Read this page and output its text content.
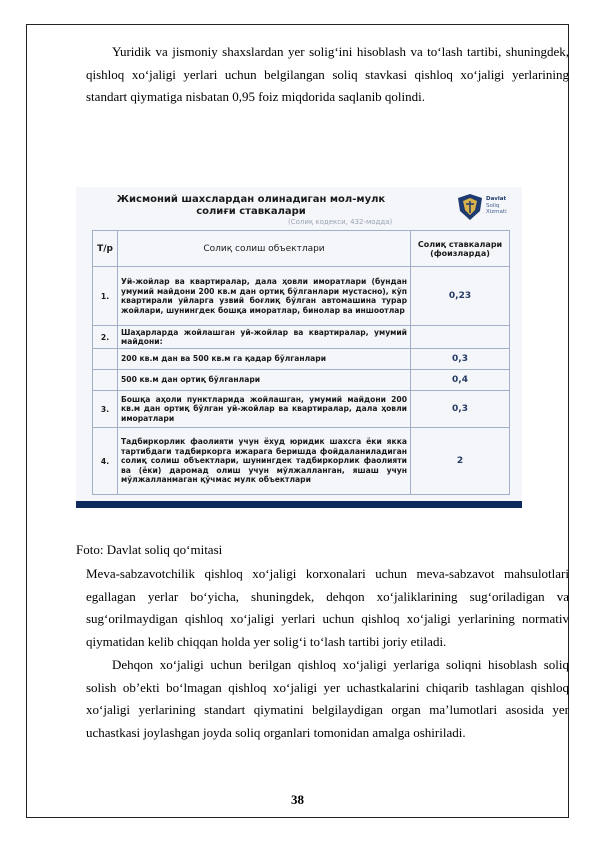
Yuridik va jismoniy shaxslardan yer solig‘ini hisoblash va to‘lash tartibi, shuningdek, qishloq xo‘jaligi yerlari uchun belgilangan soliq stavkasi qishloq xo‘jaligi yerlarining standart qiymatiga nisbatan 0,95 foiz miqdorida saqlanib qolindi.
Жисмоний шахслардан олинадиган мол-мулк
солиғи ставкалари
(Солиқ кодекси, 432-модда)
Davlat
Soliq
Xizmati
Т/р	Солиқ солиш объектлари	Солиқ ставкалари (фоизларда)
1.	Уй-жойлар ва квартиралар, дала ҳовли иморатлари (бундан умумий майдони 200 кв.м дан ортиқ бўлганлари мустасно), кўп квартирали уйларга узвий боғлиқ бўлган автомашина турар жойлари, шунингдек бошқа иморатлар, бинолар ва иншоотлар	0,23
2.	Шаҳарларда жойлашган уй-жойлар ва квартиралар, умумий майдони:	
	200 кв.м дан ва 500 кв.м га қадар бўлганлари	0,3
	500 кв.м дан ортиқ бўлганлари	0,4
3.	Бошқа аҳоли пунктларида жойлашган, умумий майдони 200 кв.м дан ортиқ бўлган уй-жойлар ва квартиралар, дала ҳовли иморатлари	0,3
4.	Тадбиркорлик фаолияти учун ёхуд юридик шахсга ёки якка тартибдаги тадбиркорга ижарага беришда фойдаланиладиган солиқ солиш объектлари, шунингдек тадбиркорлик фаолияти ва (ёки) даромад олиш учун мўлжалланган, яшаш учун мўлжалланмаган қўчмас мулк объектлари	2
Foto: Davlat soliq qo‘mitasi
Meva-sabzavotchilik qishloq xo‘jaligi korxonalari uchun meva-sabzavot mahsulotlari egallagan yerlar bo‘yicha, shuningdek, dehqon xo‘jaliklarining sug‘oriladigan va sug‘orilmaydigan qishloq xo‘jaligi yerlari uchun qishloq xo‘jaligi yerlarining normativ qiymatidan kelib chiqqan holda yer solig‘i to‘lash tartibi joriy etiladi.
Dehqon xo‘jaligi uchun berilgan qishloq xo‘jaligi yerlariga soliqni hisoblash soliq solish ob’ekti bo‘lmagan qishloq xo‘jaligi yer uchastkalarini chiqarib tashlagan qishloq xo‘jaligi yerlarining standart qiymatini belgilaydigan organ ma’lumotlari asosida yer uchastkasi joylashgan joyda soliq organlari tomonidan amalga oshiriladi.
38
